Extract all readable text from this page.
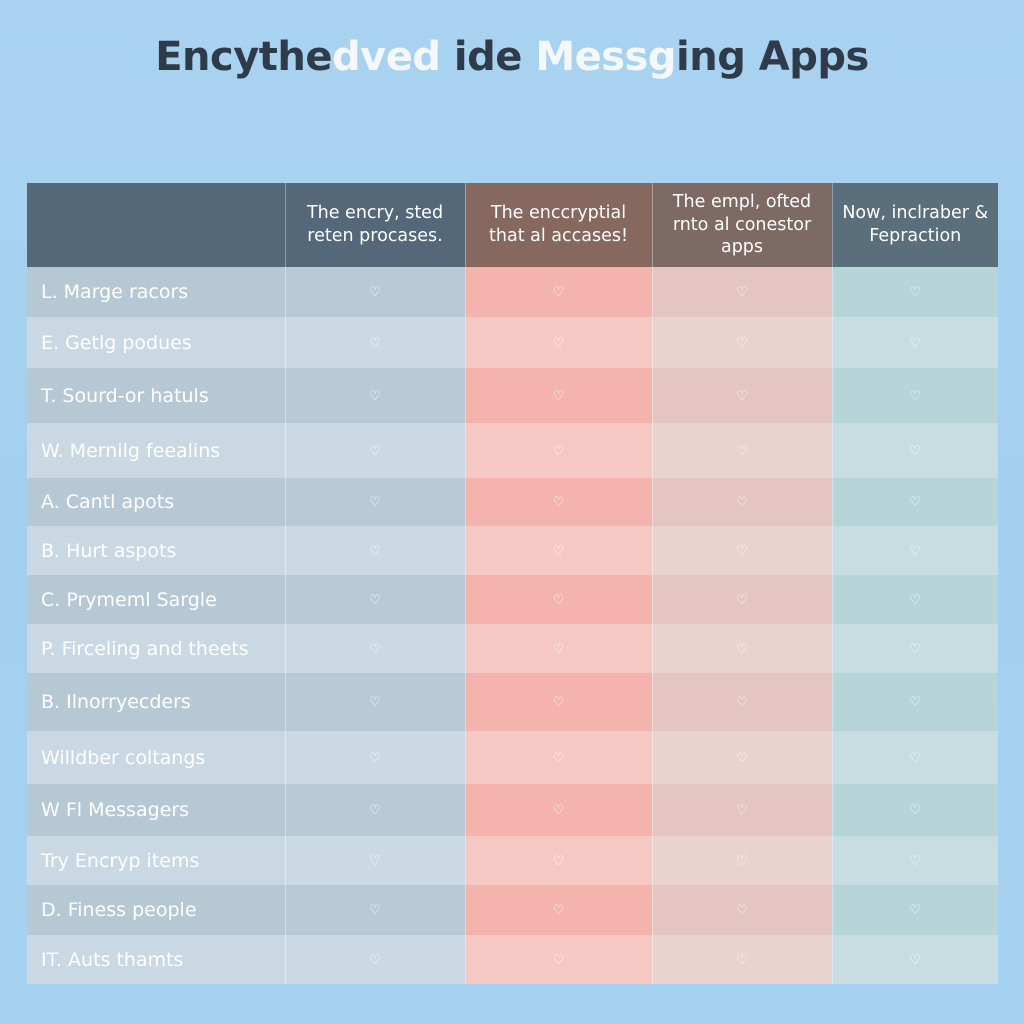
Encythedved ide Messging Apps
	The encry, sted reten procases.	The enccryptial that al accases!	The empl, ofted rnto al conestor apps	Now, inclraber & Fepraction
L. Marge racors	♡	♡	♡	♡
E. Getlg podues	♡	♡	♡	♡
T. Sourd-or hatuls	♡	♡	♡	♡
W. Mernilg feealins	♡	♡	♡	♡
A. Cantl apots	♡	♡	♡	♡
B. Hurt aspots	♡	♡	♡	♡
C. Prymeml Sargle	♡	♡	♡	♡
P. Firceling and theets	♡	♡	♡	♡
B. Ilnorryecders	♡	♡	♡	♡
Willdber coltangs	♡	♡	♡	♡
W Fl Messagers	♡	♡	♡	♡
Try Encryp items	♡	♡	♡	♡
D. Finess people	♡	♡	♡	♡
IT. Auts thamts	♡	♡	♡	♡
